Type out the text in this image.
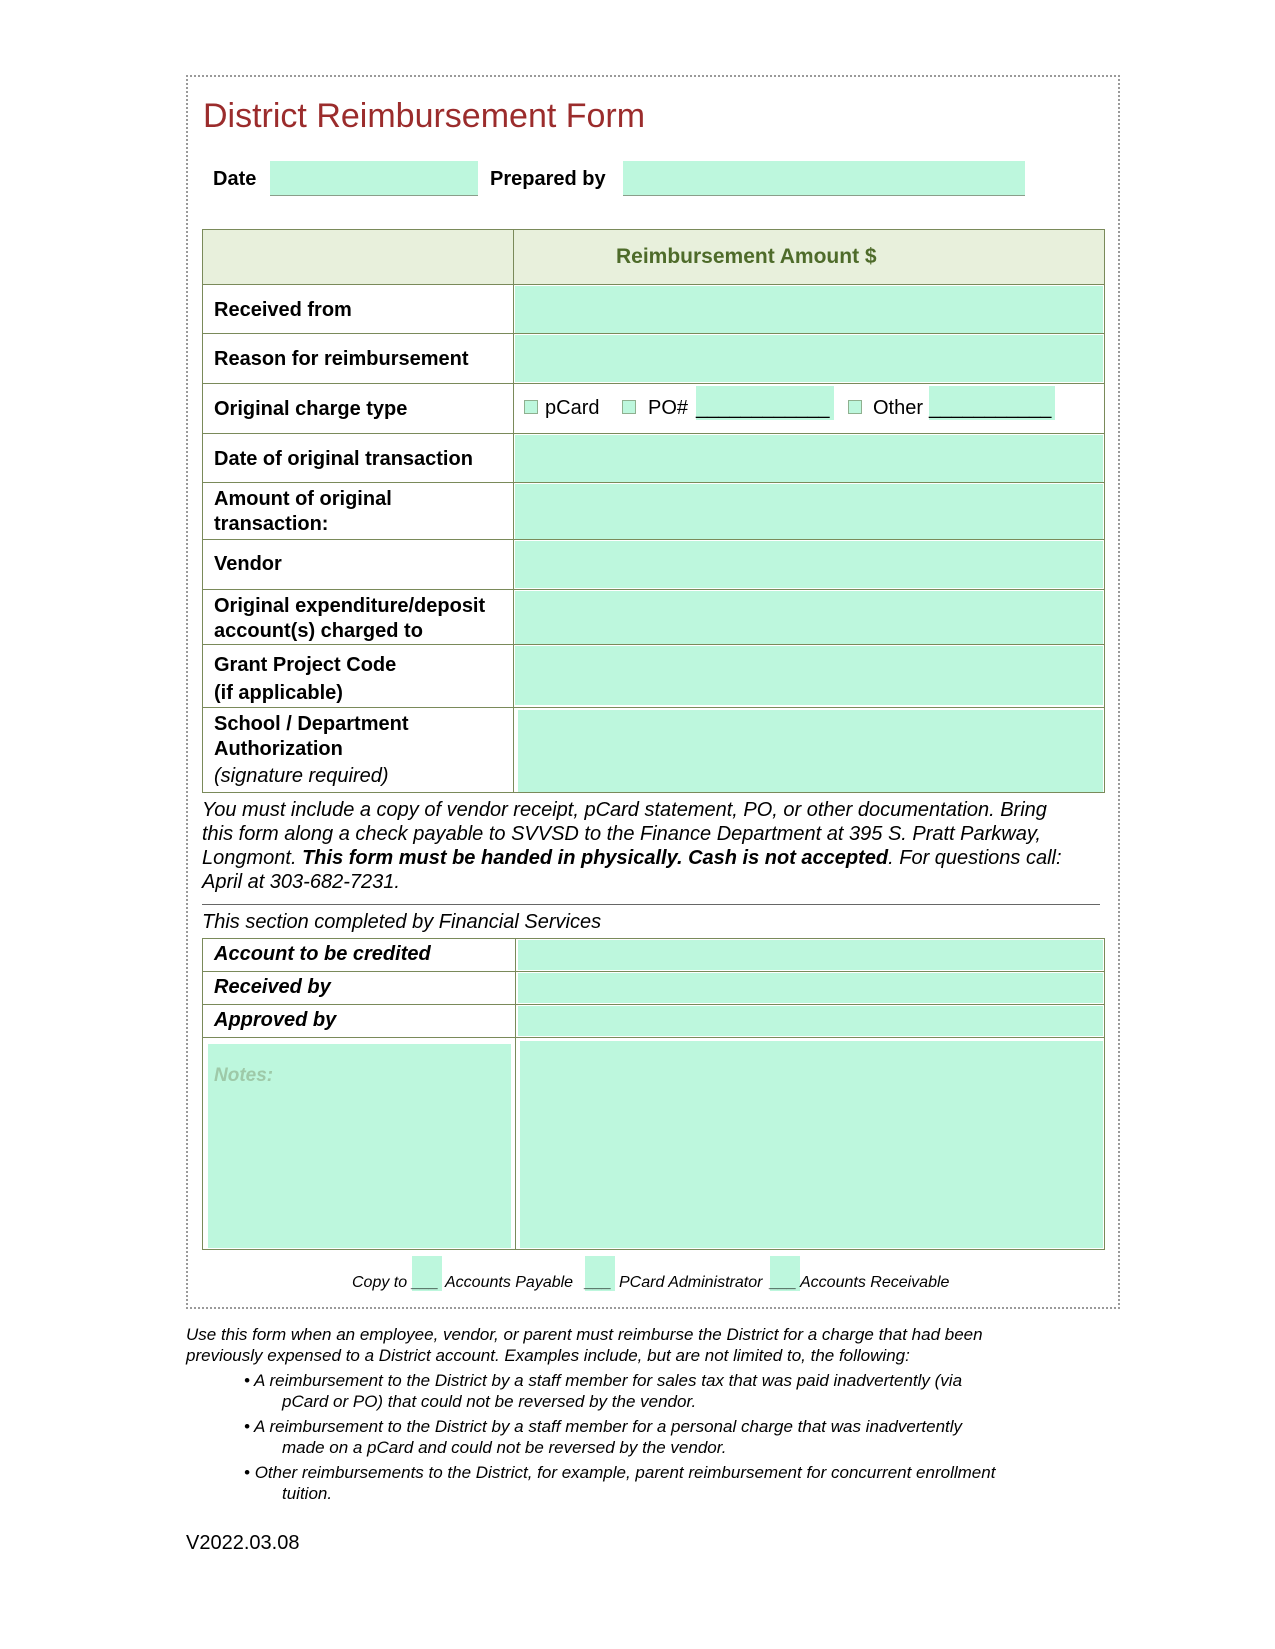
District Reimbursement Form
Date	Prepared by
Reimbursement Amount $
Received from
Reason for reimbursement
Original charge type
Date of original transaction
Amount of original
transaction:
Vendor
Original expenditure/deposit
account(s) charged to
Grant Project Code
(if applicable)
School / Department
Authorization
(signature required)
pCard PO# ____________ Other ___________
You must include a copy of vendor receipt, pCard statement, PO, or other documentation. Bring
this form along a check payable to SVVSD to the Finance Department at 395 S. Pratt Parkway,
Longmont. This form must be handed in physically. Cash is not accepted. For questions call:
April at 303-682-7231.
This section completed by Financial Services
Account to be credited
Received by
Approved by
Notes:
Copy to ___ Accounts Payable ___ PCard Administrator ___ Accounts Receivable
Use this form when an employee, vendor, or parent must reimburse the District for a charge that had been
previously expensed to a District account. Examples include, but are not limited to, the following:
• A reimbursement to the District by a staff member for sales tax that was paid inadvertently (via
pCard or PO) that could not be reversed by the vendor.
• A reimbursement to the District by a staff member for a personal charge that was inadvertently
made on a pCard and could not be reversed by the vendor.
• Other reimbursements to the District, for example, parent reimbursement for concurrent enrollment
tuition.
V2022.03.08
